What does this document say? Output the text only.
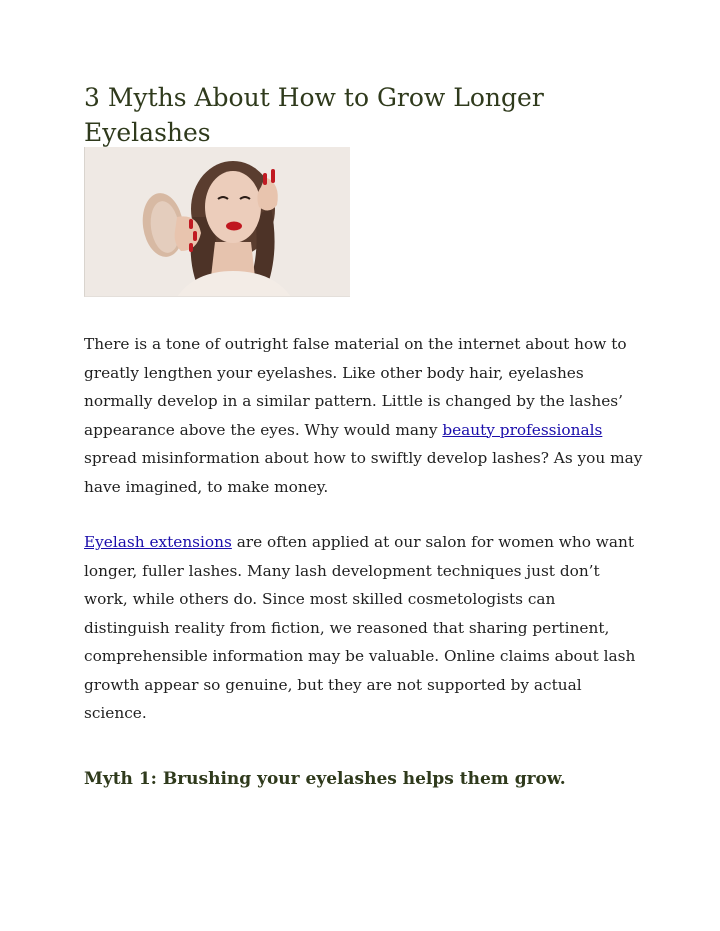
3 Myths About How to Grow Longer Eyelashes

There is a tone of outright false material on the internet about how to greatly lengthen your eyelashes. Like other body hair, eyelashes normally develop in a similar pattern. Little is changed by the lashes’ appearance above the eyes. Why would many beauty professionals spread misinformation about how to swiftly develop lashes? As you may have imagined, to make money.

Eyelash extensions are often applied at our salon for women who want longer, fuller lashes. Many lash development techniques just don’t work, while others do. Since most skilled cosmetologists can distinguish reality from fiction, we reasoned that sharing pertinent, comprehensible information may be valuable. Online claims about lash growth appear so genuine, but they are not supported by actual science.

Myth 1: Brushing your eyelashes helps them grow.
